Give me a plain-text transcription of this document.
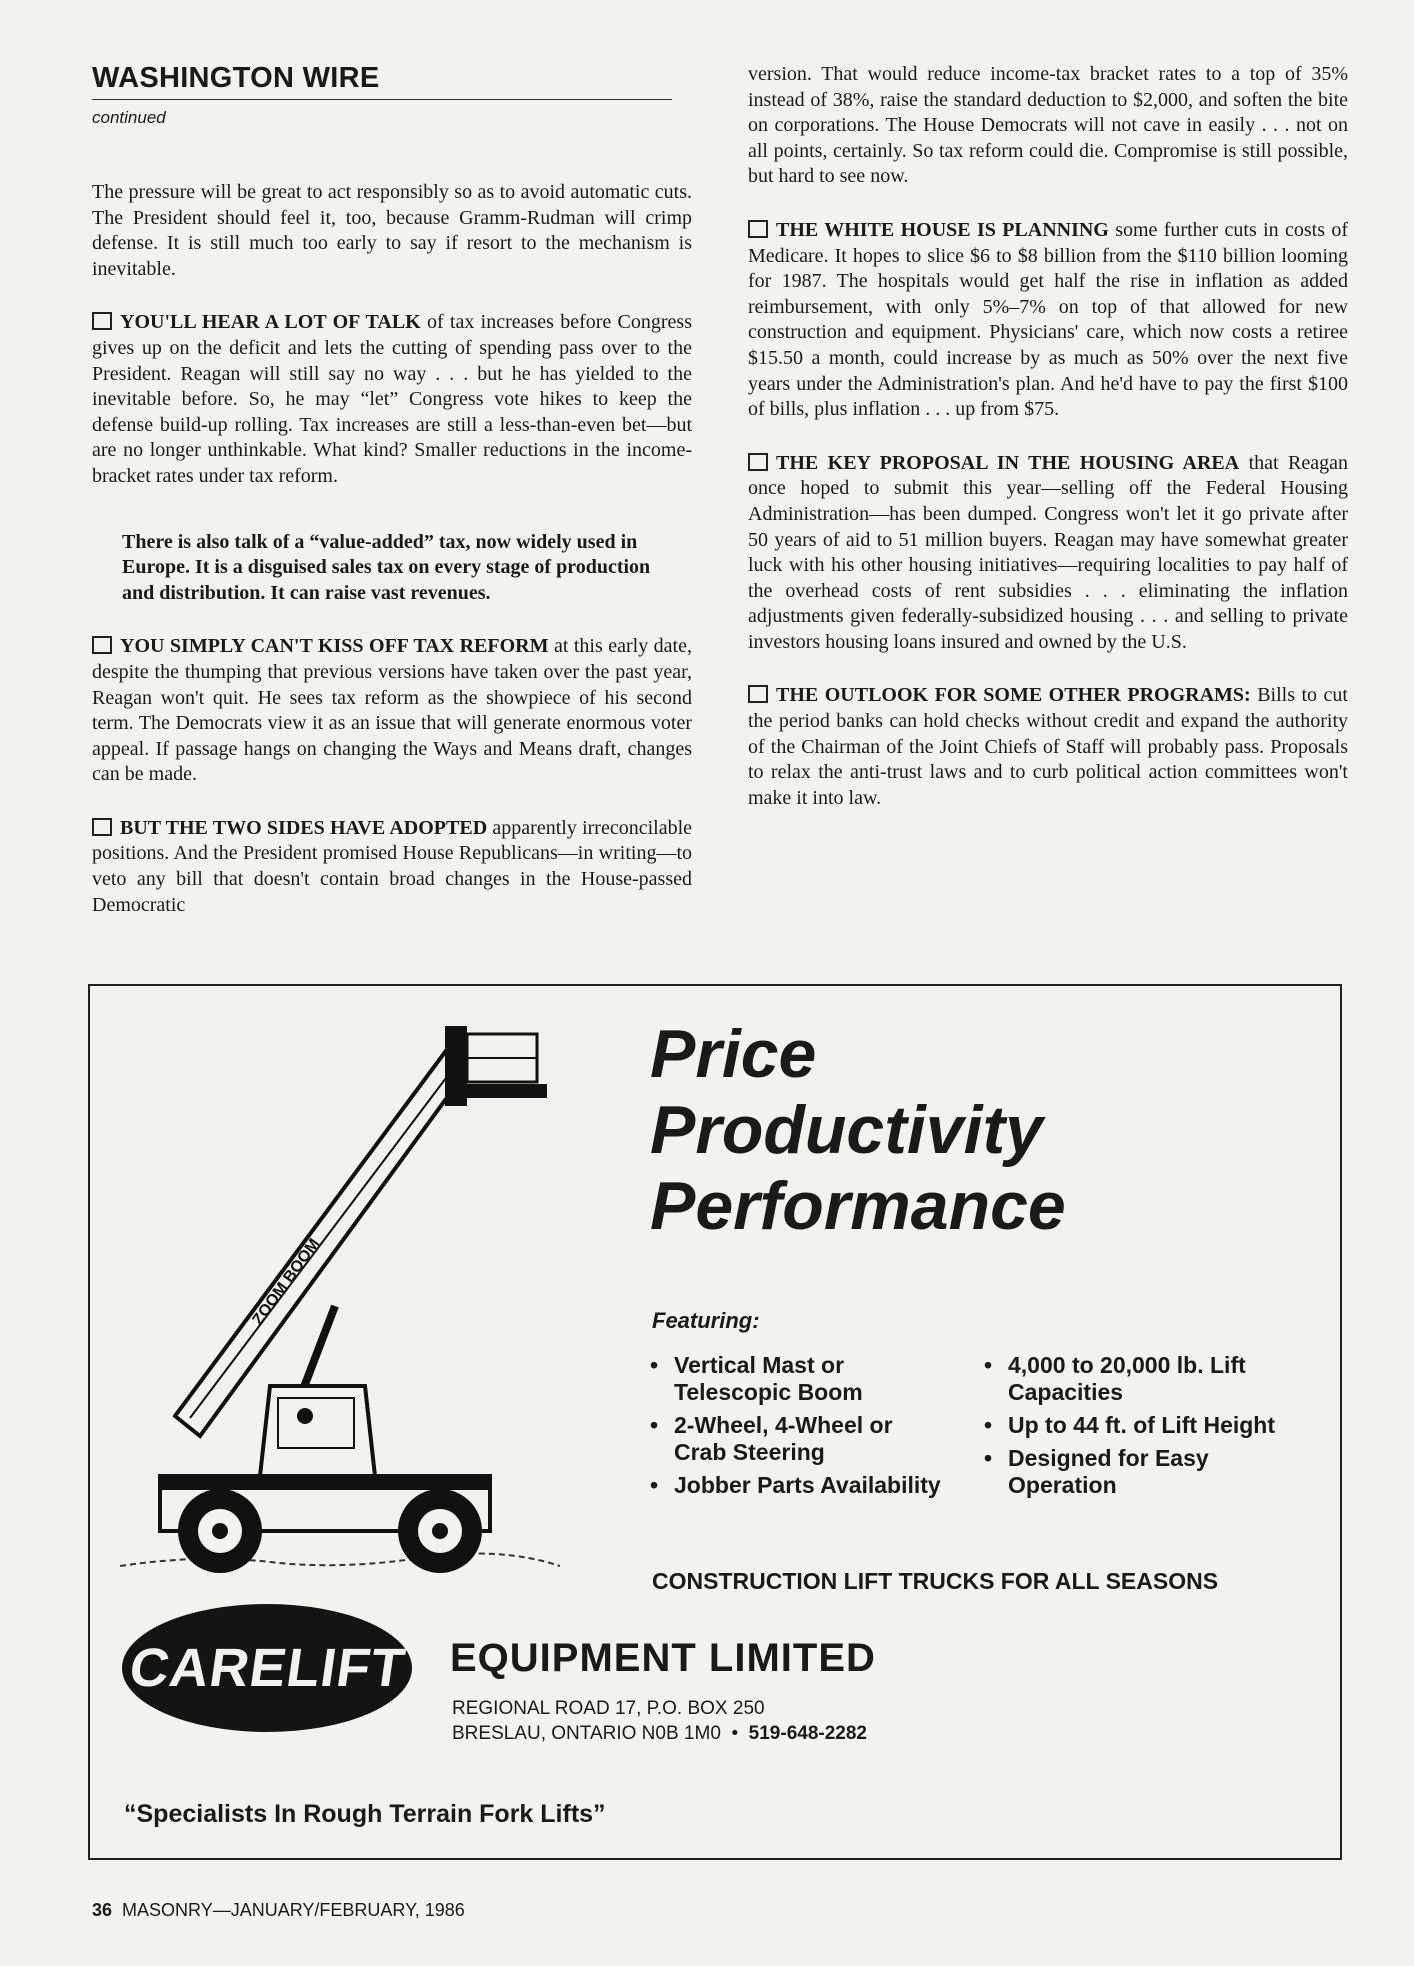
WASHINGTON WIRE
continued

The pressure will be great to act responsibly so as to avoid automatic cuts. The President should feel it, too, because Gramm-Rudman will crimp defense. It is still much too early to say if resort to the mechanism is inevitable.

YOU'LL HEAR A LOT OF TALK of tax increases before Congress gives up on the deficit and lets the cutting of spending pass over to the President. Reagan will still say no way . . . but he has yielded to the inevitable before. So, he may “let” Congress vote hikes to keep the defense build-up rolling. Tax increases are still a less-than-even bet—but are no longer unthinkable. What kind? Smaller reductions in the income-bracket rates under tax reform.

There is also talk of a “value-added” tax, now widely used in Europe. It is a disguised sales tax on every stage of production and distribution. It can raise vast revenues.

YOU SIMPLY CAN'T KISS OFF TAX REFORM at this early date, despite the thumping that previous versions have taken over the past year, Reagan won't quit. He sees tax reform as the showpiece of his second term. The Democrats view it as an issue that will generate enormous voter appeal. If passage hangs on changing the Ways and Means draft, changes can be made.

BUT THE TWO SIDES HAVE ADOPTED apparently irreconcilable positions. And the President promised House Republicans—in writing—to veto any bill that doesn't contain broad changes in the House-passed Democratic

version. That would reduce income-tax bracket rates to a top of 35% instead of 38%, raise the standard deduction to $2,000, and soften the bite on corporations. The House Democrats will not cave in easily . . . not on all points, certainly. So tax reform could die. Compromise is still possible, but hard to see now.

THE WHITE HOUSE IS PLANNING some further cuts in costs of Medicare. It hopes to slice $6 to $8 billion from the $110 billion looming for 1987. The hospitals would get half the rise in inflation as added reimbursement, with only 5%–7% on top of that allowed for new construction and equipment. Physicians' care, which now costs a retiree $15.50 a month, could increase by as much as 50% over the next five years under the Administration's plan. And he'd have to pay the first $100 of bills, plus inflation . . . up from $75.

THE KEY PROPOSAL IN THE HOUSING AREA that Reagan once hoped to submit this year—selling off the Federal Housing Administration—has been dumped. Congress won't let it go private after 50 years of aid to 51 million buyers. Reagan may have somewhat greater luck with his other housing initiatives—requiring localities to pay half of the overhead costs of rent subsidies . . . eliminating the inflation adjustments given federally-subsidized housing . . . and selling to private investors housing loans insured and owned by the U.S.

THE OUTLOOK FOR SOME OTHER PROGRAMS: Bills to cut the period banks can hold checks without credit and expand the authority of the Chairman of the Joint Chiefs of Staff will probably pass. Proposals to relax the anti-trust laws and to curb political action committees won't make it into law.

ZOOM BOOM
Price
Productivity
Performance
Featuring:
• Vertical Mast or Telescopic Boom
• 2-Wheel, 4-Wheel or Crab Steering
• Jobber Parts Availability
• 4,000 to 20,000 lb. Lift Capacities
• Up to 44 ft. of Lift Height
• Designed for Easy Operation
CONSTRUCTION LIFT TRUCKS FOR ALL SEASONS
CARELIFT EQUIPMENT LIMITED
REGIONAL ROAD 17, P.O. BOX 250
BRESLAU, ONTARIO N0B 1M0 • 519-648-2282
“Specialists In Rough Terrain Fork Lifts”
36 MASONRY—JANUARY/FEBRUARY, 1986
